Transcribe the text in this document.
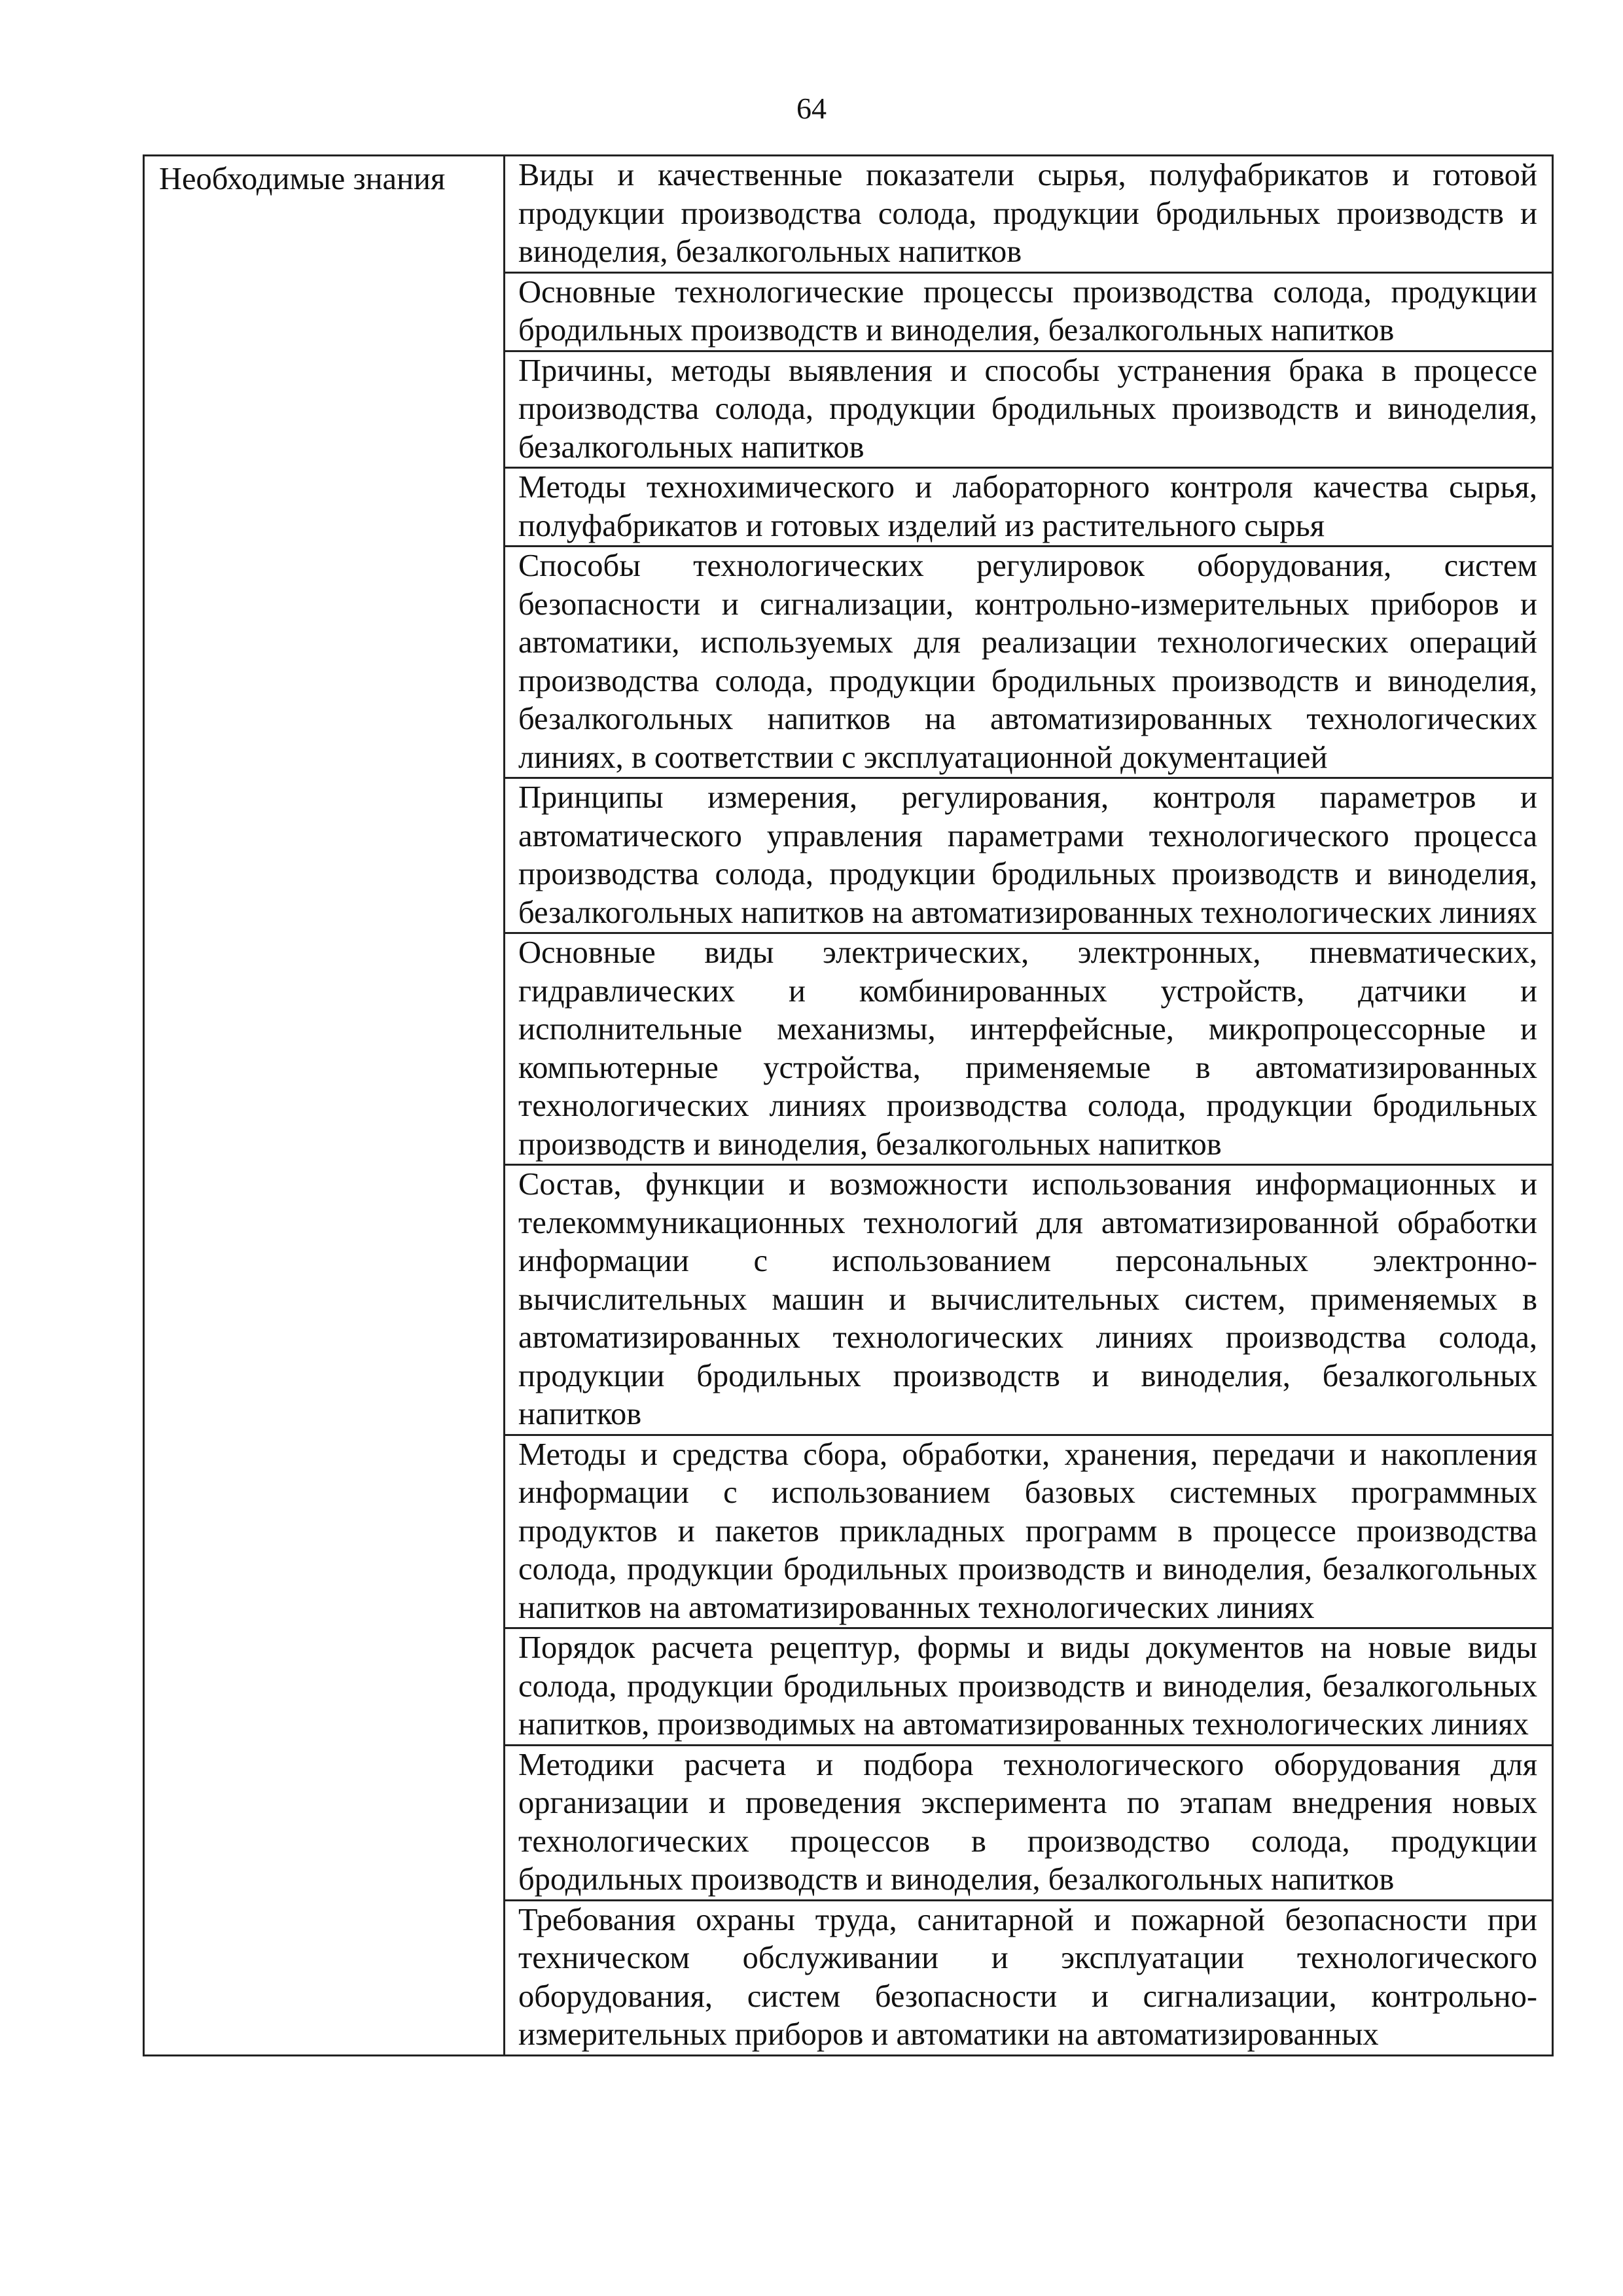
64
Необходимые знания	Виды и качественные показатели сырья, полуфабрикатов и готовой продукции производства солода, продукции бродильных производств и виноделия, безалкогольных напитков
Основные технологические процессы производства солода, продукции бродильных производств и виноделия, безалкогольных напитков
Причины, методы выявления и способы устранения брака в процессе производства солода, продукции бродильных производств и виноделия, безалкогольных напитков
Методы технохимического и лабораторного контроля качества сырья, полуфабрикатов и готовых изделий из растительного сырья
Способы технологических регулировок оборудования, систем безопасности и сигнализации, контрольно-измерительных приборов и автоматики, используемых для реализации технологических операций производства солода, продукции бродильных производств и виноделия, безалкогольных напитков на автоматизированных технологических линиях, в соответствии с эксплуатационной документацией
Принципы измерения, регулирования, контроля параметров и автоматического управления параметрами технологического процесса производства солода, продукции бродильных производств и виноделия, безалкогольных напитков на автоматизированных технологических линиях
Основные виды электрических, электронных, пневматических, гидравлических и комбинированных устройств, датчики и исполнительные механизмы, интерфейсные, микропроцессорные и компьютерные устройства, применяемые в автоматизированных технологических линиях производства солода, продукции бродильных производств и виноделия, безалкогольных напитков
Состав, функции и возможности использования информационных и телекоммуникационных технологий для автоматизированной обработки информации с использованием персональных электронно-вычислительных машин и вычислительных систем, применяемых в автоматизированных технологических линиях производства солода, продукции бродильных производств и виноделия, безалкогольных напитков
Методы и средства сбора, обработки, хранения, передачи и накопления информации с использованием базовых системных программных продуктов и пакетов прикладных программ в процессе производства солода, продукции бродильных производств и виноделия, безалкогольных напитков на автоматизированных технологических линиях
Порядок расчета рецептур, формы и виды документов на новые виды солода, продукции бродильных производств и виноделия, безалкогольных напитков, производимых на автоматизированных технологических линиях
Методики расчета и подбора технологического оборудования для организации и проведения эксперимента по этапам внедрения новых технологических процессов в производство солода, продукции бродильных производств и виноделия, безалкогольных напитков
Требования охраны труда, санитарной и пожарной безопасности при техническом обслуживании и эксплуатации технологического оборудования, систем безопасности и сигнализации, контрольно-измерительных приборов и автоматики на автоматизированных
